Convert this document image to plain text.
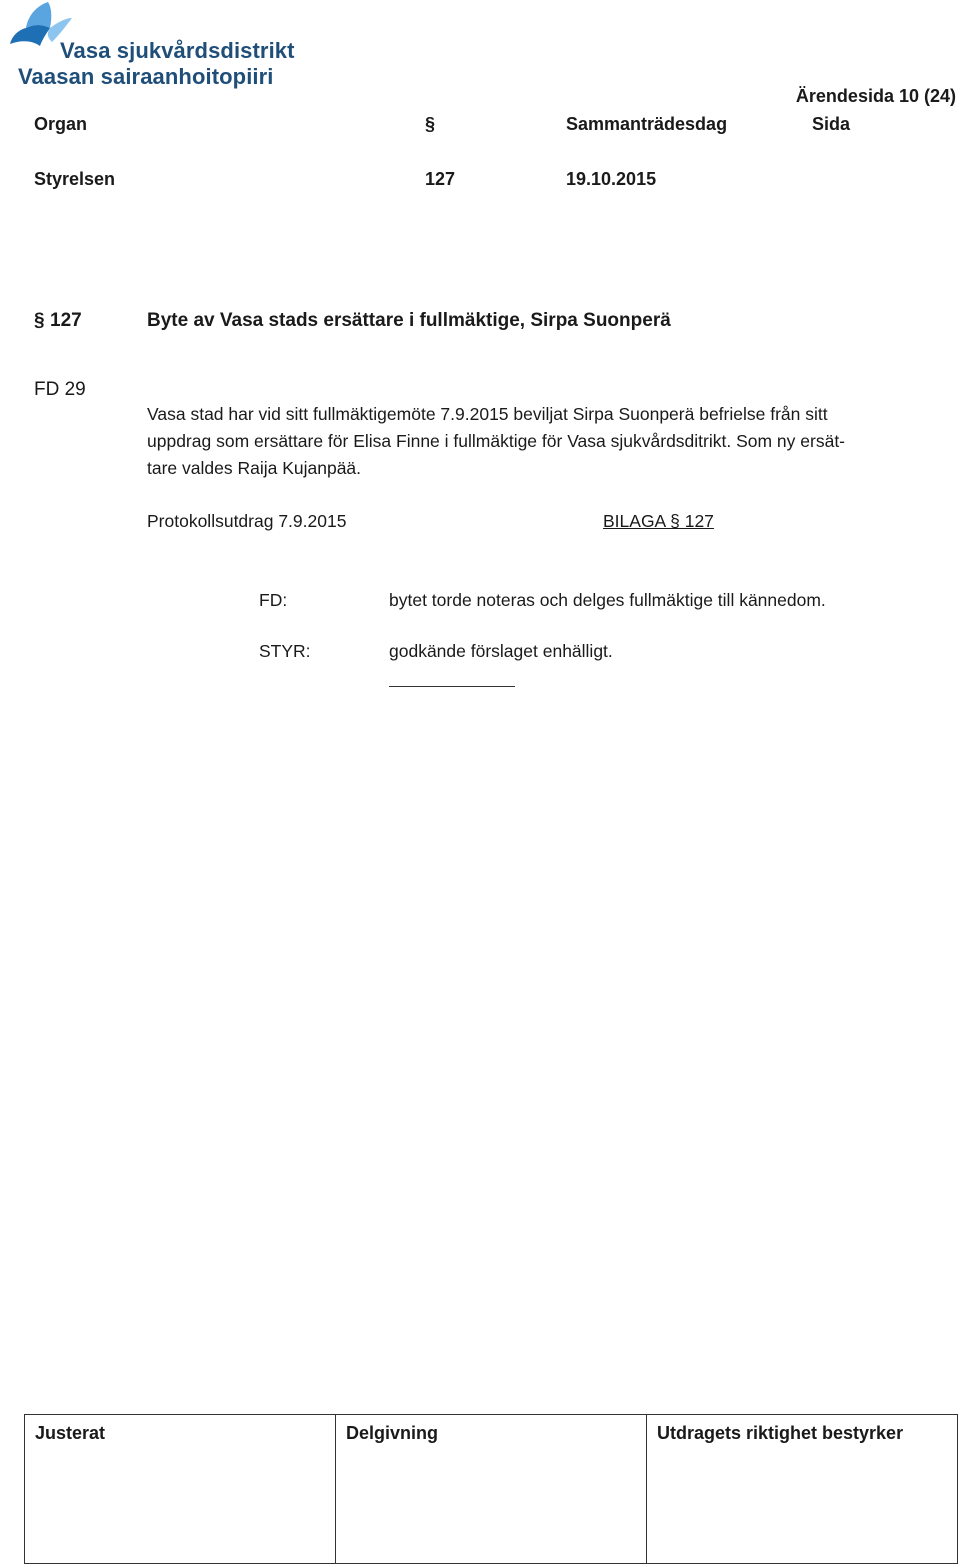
Vasa sjukvårdsdistrikt
Vaasan sairaanhoitopiiri
Ärendesida 10 (24)
Organ	§	Sammanträdesdag	Sida
Styrelsen	127	19.10.2015
§ 127	Byte av Vasa stads ersättare i fullmäktige, Sirpa Suonperä
FD 29
Vasa stad har vid sitt fullmäktigemöte 7.9.2015 beviljat Sirpa Suonperä befrielse från sitt
uppdrag som ersättare för Elisa Finne i fullmäktige för Vasa sjukvårdsditrikt. Som ny ersät-
tare valdes Raija Kujanpää.
Protokollsutdrag 7.9.2015	BILAGA § 127
FD:	bytet torde noteras och delges fullmäktige till kännedom.
STYR:	godkände förslaget enhälligt.
Justerat	Delgivning	Utdragets riktighet bestyrker
